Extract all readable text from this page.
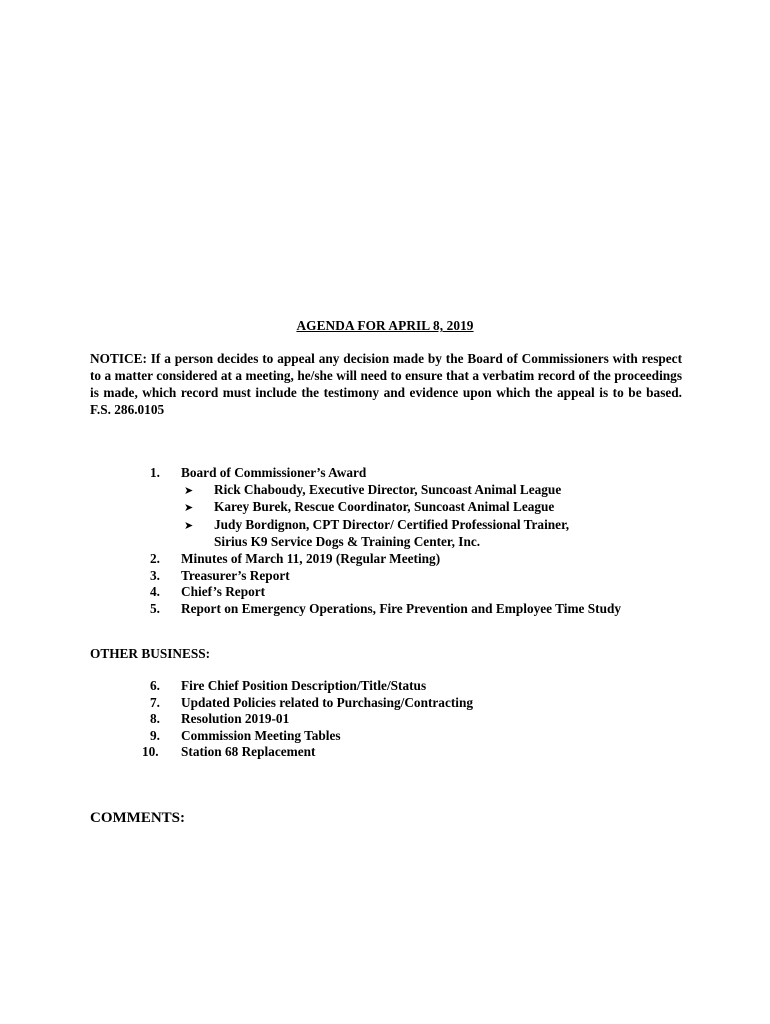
AGENDA FOR APRIL 8, 2019

NOTICE: If a person decides to appeal any decision made by the Board of Commissioners with respect to a matter considered at a meeting, he/she will need to ensure that a verbatim record of the proceedings is made, which record must include the testimony and evidence upon which the appeal is to be based. F.S. 286.0105

1. Board of Commissioner’s Award
➤ Rick Chaboudy, Executive Director, Suncoast Animal League
➤ Karey Burek, Rescue Coordinator, Suncoast Animal League
➤ Judy Bordignon, CPT Director/ Certified Professional Trainer,
Sirius K9 Service Dogs & Training Center, Inc.
2. Minutes of March 11, 2019 (Regular Meeting)
3. Treasurer’s Report
4. Chief’s Report
5. Report on Emergency Operations, Fire Prevention and Employee Time Study
OTHER BUSINESS:
6. Fire Chief Position Description/Title/Status
7. Updated Policies related to Purchasing/Contracting
8. Resolution 2019-01
9. Commission Meeting Tables
10. Station 68 Replacement
COMMENTS:
